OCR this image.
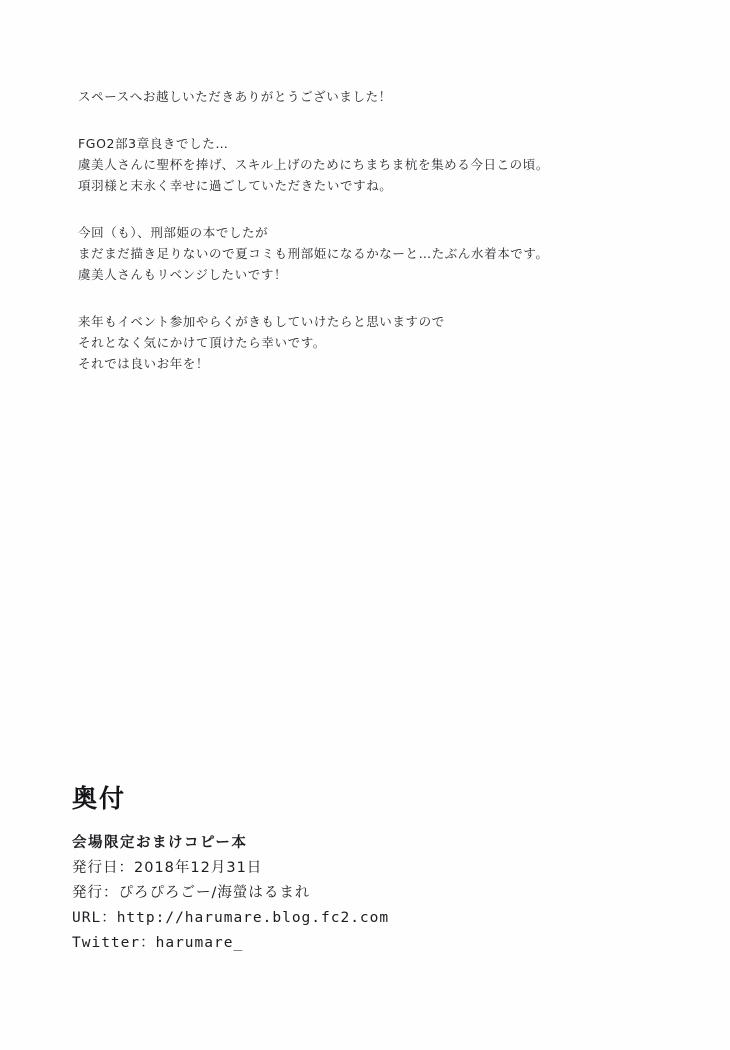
スペースへお越しいただきありがとうございました！
FGO2部3章良きでした…
虞美人さんに聖杯を捧げ、スキル上げのためにちまちま杭を集める今日この頃。
項羽様と末永く幸せに過ごしていただきたいですね。
今回（も）、刑部姫の本でしたが
まだまだ描き足りないので夏コミも刑部姫になるかなーと…たぶん水着本です。
虞美人さんもリベンジしたいです！
来年もイベント参加やらくがきもしていけたらと思いますので
それとなく気にかけて頂けたら幸いです。
それでは良いお年を！
奥付
会場限定おまけコピー本
発行日：2018年12月31日
発行：ぴろぴろごー/海螢はるまれ
URL：http://harumare.blog.fc2.com
Twitter：harumare_
